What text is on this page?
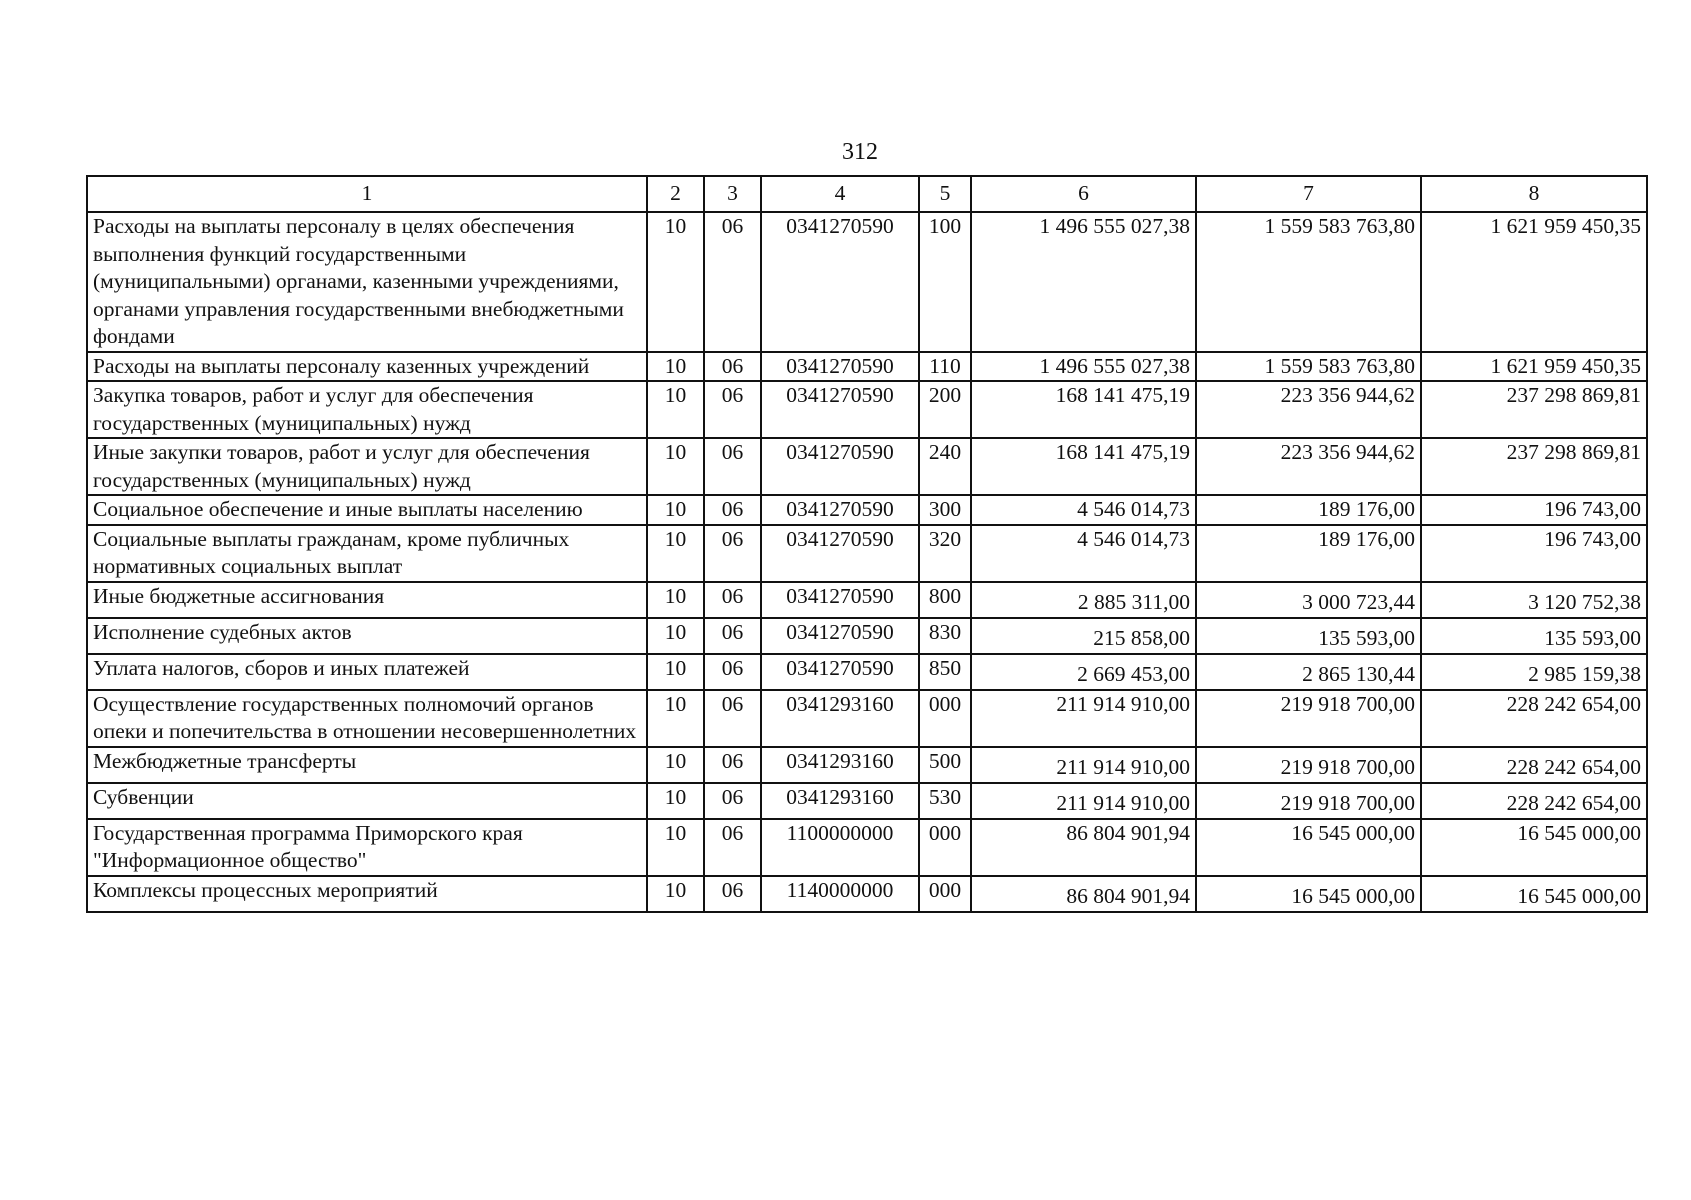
312
1	2	3	4	5	6	7	8
Расходы на выплаты персоналу в целях обеспечения выполнения функций государственными (муниципальными) органами, казенными учреждениями, органами управления государственными внебюджетными фондами	10	06	0341270590	100	1 496 555 027,38	1 559 583 763,80	1 621 959 450,35
Расходы на выплаты персоналу казенных учреждений	10	06	0341270590	110	1 496 555 027,38	1 559 583 763,80	1 621 959 450,35
Закупка товаров, работ и услуг для обеспечения государственных (муниципальных) нужд	10	06	0341270590	200	168 141 475,19	223 356 944,62	237 298 869,81
Иные закупки товаров, работ и услуг для обеспечения государственных (муниципальных) нужд	10	06	0341270590	240	168 141 475,19	223 356 944,62	237 298 869,81
Социальное обеспечение и иные выплаты населению	10	06	0341270590	300	4 546 014,73	189 176,00	196 743,00
Социальные выплаты гражданам, кроме публичных нормативных социальных выплат	10	06	0341270590	320	4 546 014,73	189 176,00	196 743,00
Иные бюджетные ассигнования	10	06	0341270590	800	2 885 311,00	3 000 723,44	3 120 752,38
Исполнение судебных актов	10	06	0341270590	830	215 858,00	135 593,00	135 593,00
Уплата налогов, сборов и иных платежей	10	06	0341270590	850	2 669 453,00	2 865 130,44	2 985 159,38
Осуществление государственных полномочий органов опеки и попечительства в отношении несовершеннолетних	10	06	0341293160	000	211 914 910,00	219 918 700,00	228 242 654,00
Межбюджетные трансферты	10	06	0341293160	500	211 914 910,00	219 918 700,00	228 242 654,00
Субвенции	10	06	0341293160	530	211 914 910,00	219 918 700,00	228 242 654,00
Государственная программа Приморского края "Информационное общество"	10	06	1100000000	000	86 804 901,94	16 545 000,00	16 545 000,00
Комплексы процессных мероприятий	10	06	1140000000	000	86 804 901,94	16 545 000,00	16 545 000,00
